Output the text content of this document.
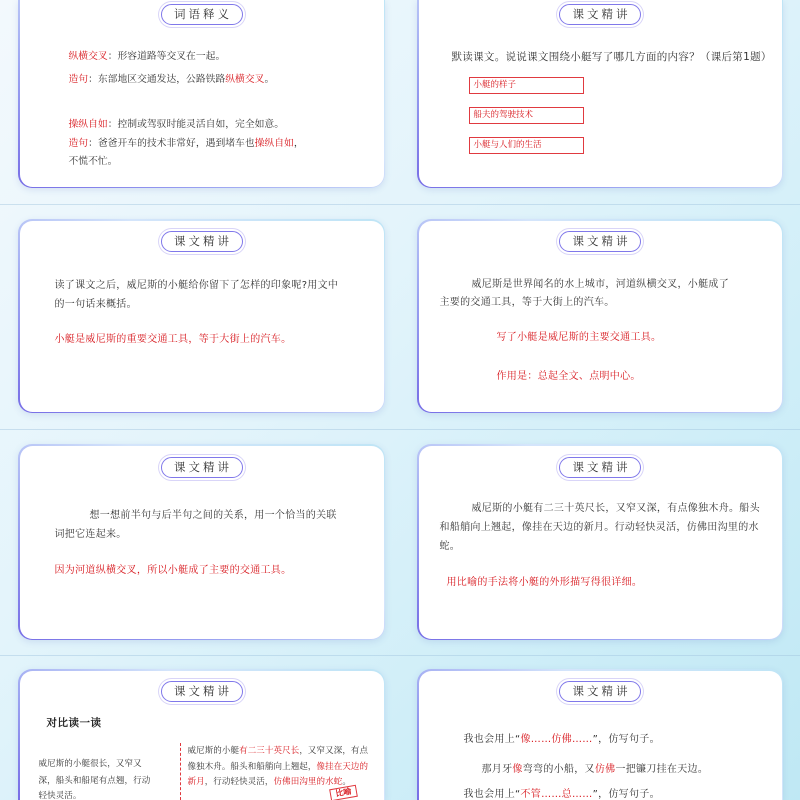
词语释义
纵横交叉：形容道路等交叉在一起。
造句：东部地区交通发达，公路铁路纵横交叉。
操纵自如：控制或驾驭时能灵活自如，完全如意。
造句：爸爸开车的技术非常好，遇到堵车也操纵自如，
不慌不忙。
课文精讲
默读课文。说说课文围绕小艇写了哪几方面的内容？（课后第1题）
小艇的样子
船夫的驾驶技术
小艇与人们的生活
课文精讲
读了课文之后，威尼斯的小艇给你留下了怎样的印象呢?用文中
的一句话来概括。
小艇是威尼斯的重要交通工具，等于大街上的汽车。
课文精讲
威尼斯是世界闻名的水上城市，河道纵横交叉，小艇成了
主要的交通工具，等于大街上的汽车。
写了小艇是威尼斯的主要交通工具。
作用是：总起全文、点明中心。
课文精讲
想一想前半句与后半句之间的关系，用一个恰当的关联
词把它连起来。
因为河道纵横交叉，所以小艇成了主要的交通工具。
课文精讲
威尼斯的小艇有二三十英尺长，又窄又深，有点像独木舟。船头
和船艄向上翘起，像挂在天边的新月。行动轻快灵活，仿佛田沟里的水
蛇。
用比喻的手法将小艇的外形描写得很详细。
课文精讲
对比读一读
威尼斯的小艇很长，又窄又
深，船头和船尾有点翘，行动
轻快灵活。
威尼斯的小艇有二三十英尺长，又窄又深，有点
像独木舟。船头和船艄向上翘起，像挂在天边的
新月，行动轻快灵活，仿佛田沟里的水蛇。
比喻
课文精讲
我也会用上“像……仿佛……”，仿写句子。
那月牙像弯弯的小船，又仿佛一把镰刀挂在天边。
我也会用上“不管……总……”，仿写句子。
